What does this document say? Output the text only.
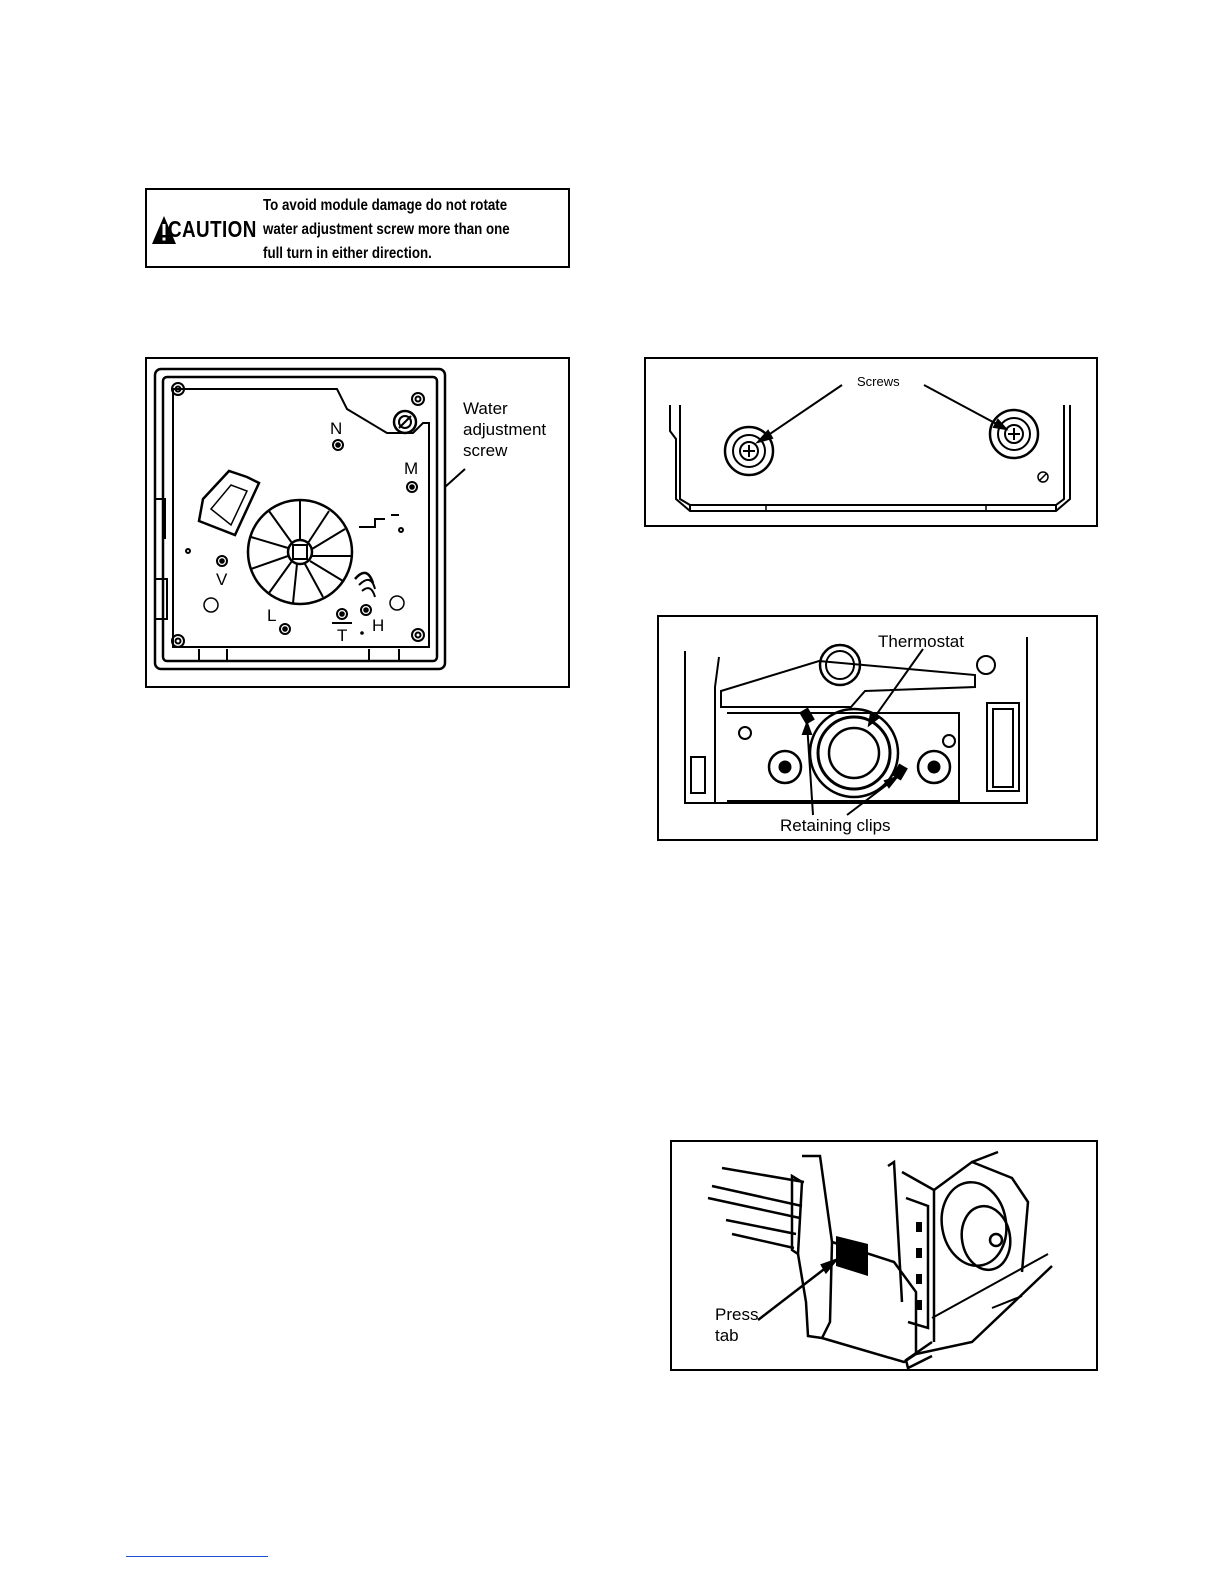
CAUTION
To avoid module damage do not rotate water adjustment screw more than one full turn in either direction.
N
M
V
L
T
H
Water
adjustment
screw
Screws
Thermostat
Retaining clips
Press
tab
